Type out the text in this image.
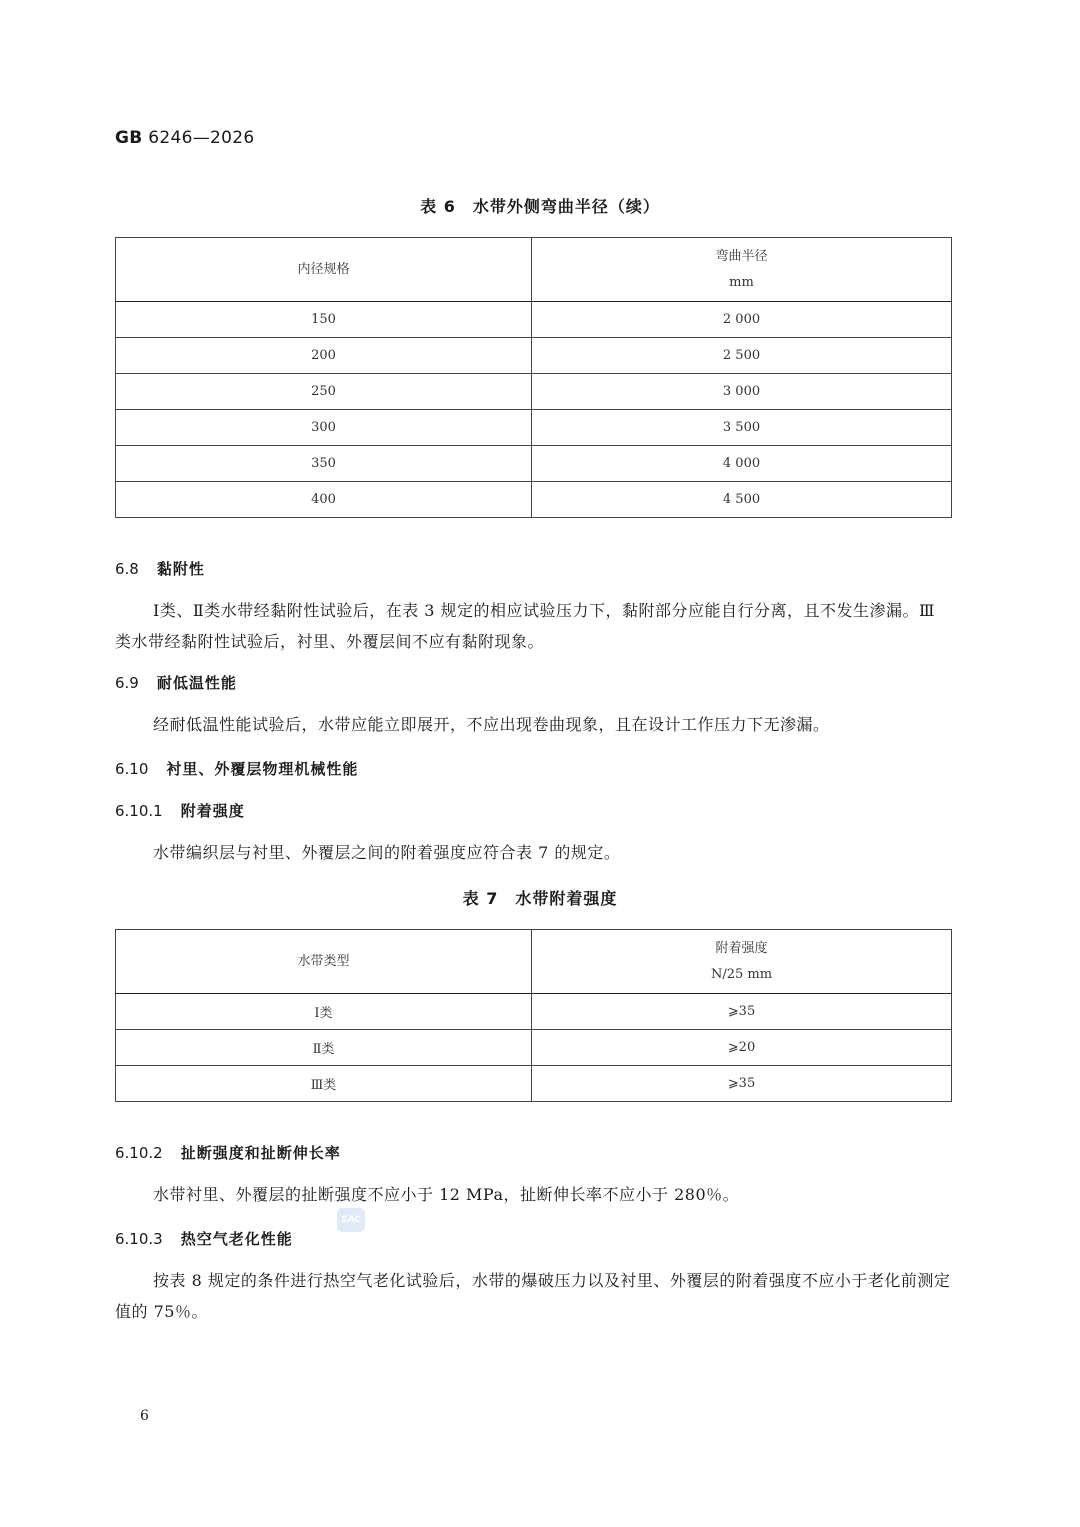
GB 6246—2026
表 6　水带外侧弯曲半径（续）
内径规格	弯曲半径
mm

150	2 000
200	2 500
250	3 000
300	3 500
350	4 000
400	4 500
6.8 黏附性
Ⅰ类、Ⅱ类水带经黏附性试验后，在表 3 规定的相应试验压力下，黏附部分应能自行分离，且不发生渗漏。Ⅲ类水带经黏附性试验后，衬里、外覆层间不应有黏附现象。
6.9 耐低温性能
经耐低温性能试验后，水带应能立即展开，不应出现卷曲现象，且在设计工作压力下无渗漏。
6.10 衬里、外覆层物理机械性能
6.10.1 附着强度
水带编织层与衬里、外覆层之间的附着强度应符合表 7 的规定。
表 7　水带附着强度
水带类型	附着强度
N/25 mm

Ⅰ类	⩾35
Ⅱ类	⩾20
Ⅲ类	⩾35
6.10.2 扯断强度和扯断伸长率
水带衬里、外覆层的扯断强度不应小于 12 MPa，扯断伸长率不应小于 280％。
SAC
6.10.3 热空气老化性能
按表 8 规定的条件进行热空气老化试验后，水带的爆破压力以及衬里、外覆层的附着强度不应小于老化前测定值的 75％。
6
